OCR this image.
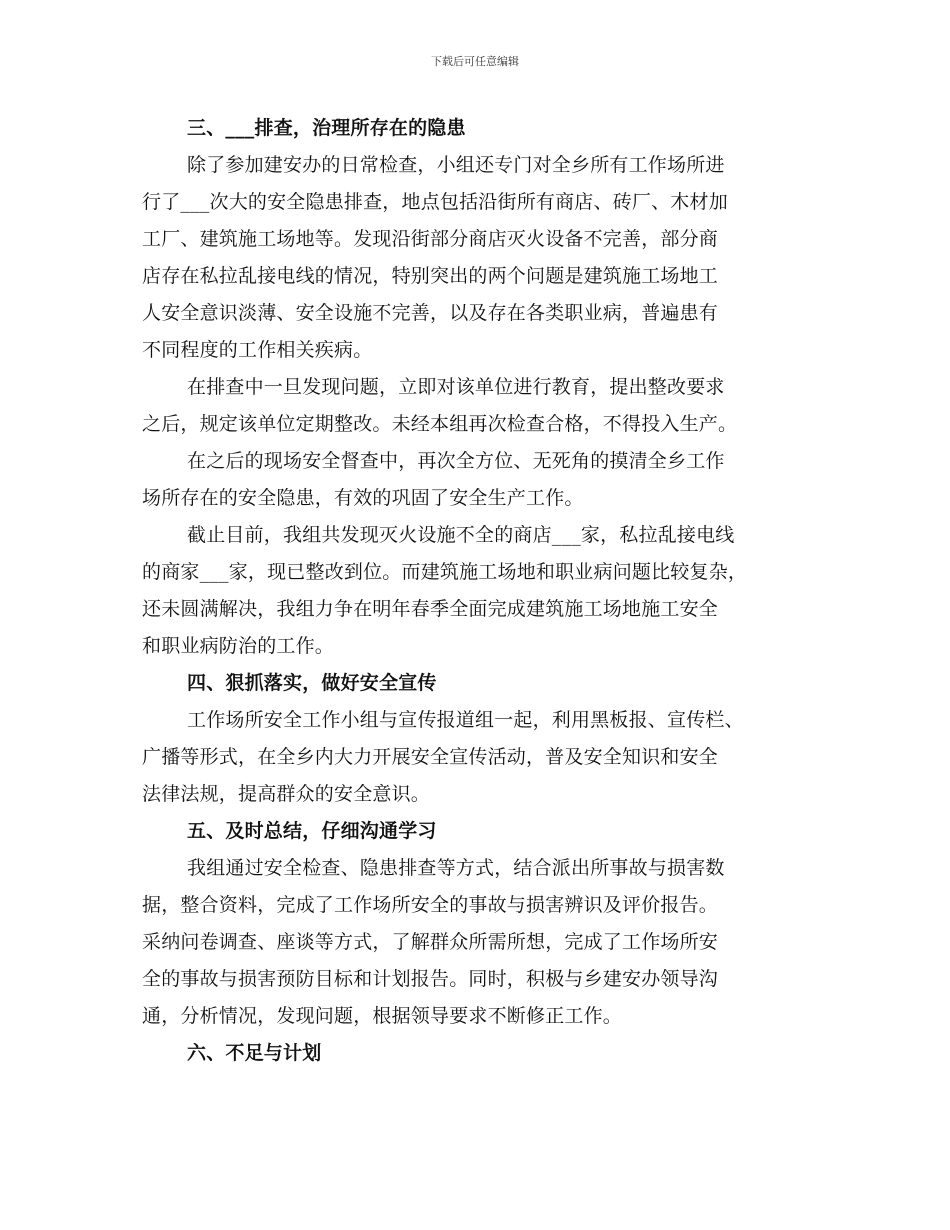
下载后可任意编辑
三、___排查，治理所存在的隐患
除了参加建安办的日常检查，小组还专门对全乡所有工作场所进
行了___次大的安全隐患排查，地点包括沿街所有商店、砖厂、木材加
工厂、建筑施工场地等。发现沿街部分商店灭火设备不完善，部分商
店存在私拉乱接电线的情况，特别突出的两个问题是建筑施工场地工
人安全意识淡薄、安全设施不完善，以及存在各类职业病，普遍患有
不同程度的工作相关疾病。
在排查中一旦发现问题，立即对该单位进行教育，提出整改要求
之后，规定该单位定期整改。未经本组再次检查合格，不得投入生产。
在之后的现场安全督查中，再次全方位、无死角的摸清全乡工作
场所存在的安全隐患，有效的巩固了安全生产工作。
截止目前，我组共发现灭火设施不全的商店___家，私拉乱接电线
的商家___家，现已整改到位。而建筑施工场地和职业病问题比较复杂，
还未圆满解决，我组力争在明年春季全面完成建筑施工场地施工安全
和职业病防治的工作。
四、狠抓落实，做好安全宣传
工作场所安全工作小组与宣传报道组一起，利用黑板报、宣传栏、
广播等形式，在全乡内大力开展安全宣传活动，普及安全知识和安全
法律法规，提高群众的安全意识。
五、及时总结，仔细沟通学习
我组通过安全检查、隐患排查等方式，结合派出所事故与损害数
据，整合资料，完成了工作场所安全的事故与损害辨识及评价报告。
采纳问卷调查、座谈等方式，了解群众所需所想，完成了工作场所安
全的事故与损害预防目标和计划报告。同时，积极与乡建安办领导沟
通，分析情况，发现问题，根据领导要求不断修正工作。
六、不足与计划
